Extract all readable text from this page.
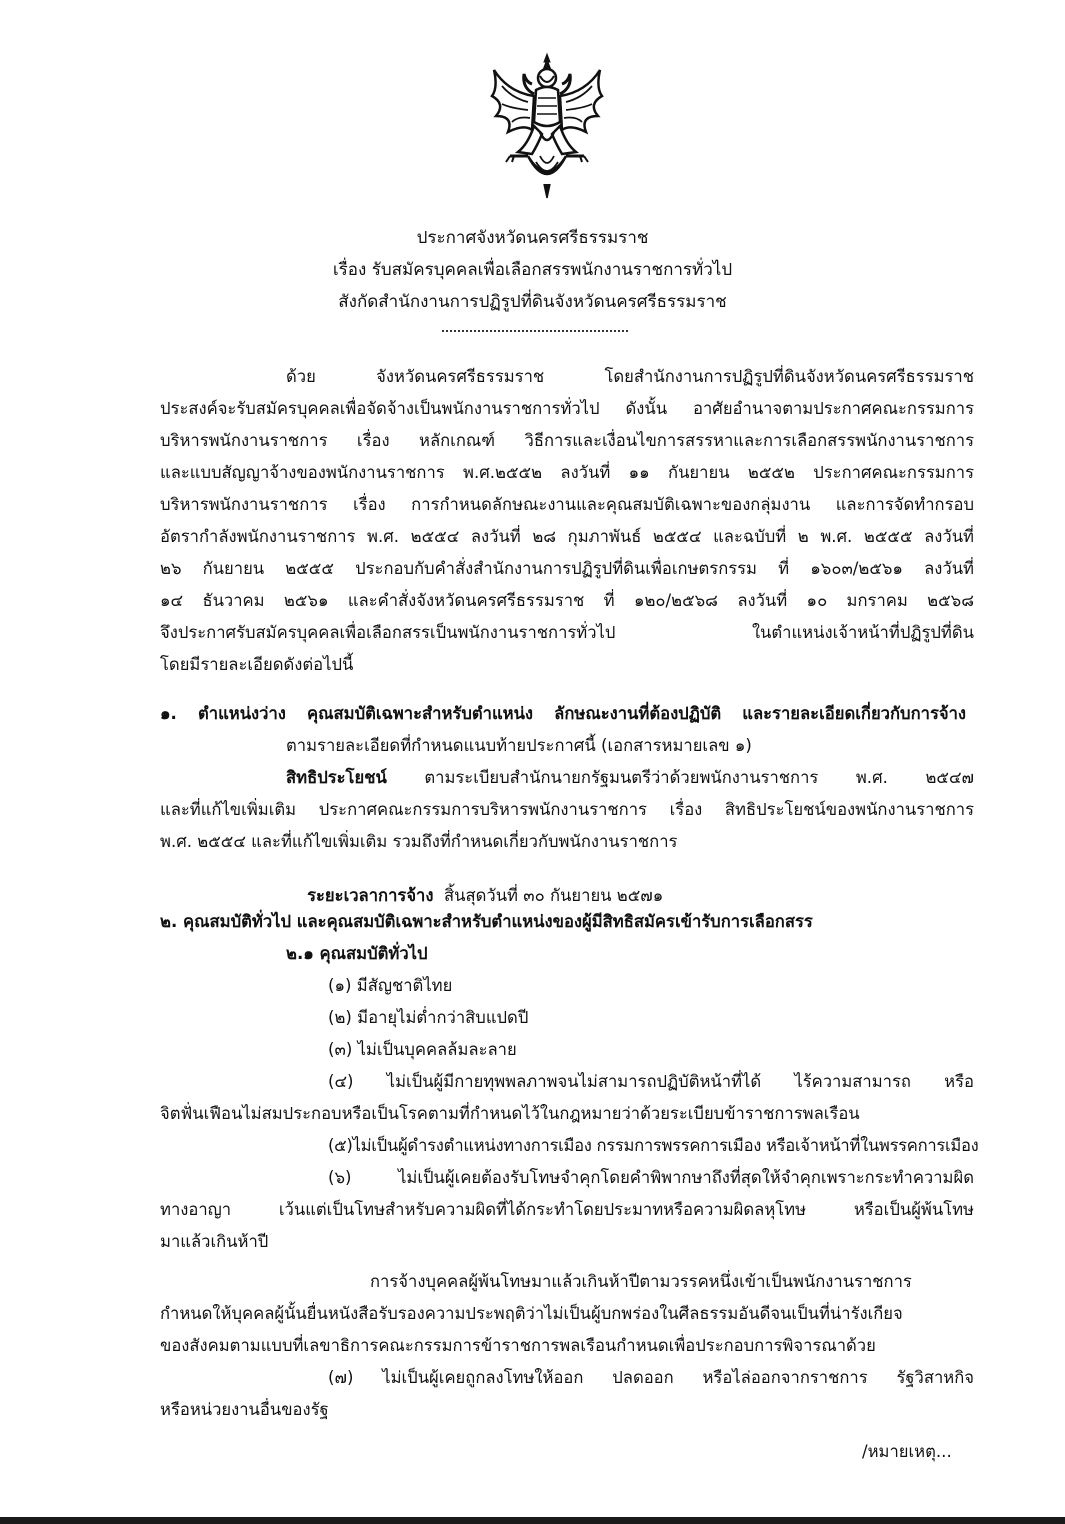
ประกาศจังหวัดนครศรีธรรมราช
เรื่อง รับสมัครบุคคลเพื่อเลือกสรรพนักงานราชการทั่วไป
สังกัดสำนักงานการปฏิรูปที่ดินจังหวัดนครศรีธรรมราช
ด้วย จังหวัดนครศรีธรรมราช โดยสำนักงานการปฏิรูปที่ดินจังหวัดนครศรีธรรมราช
ประสงค์จะรับสมัครบุคคลเพื่อจัดจ้างเป็นพนักงานราชการทั่วไป ดังนั้น อาศัยอำนาจตามประกาศคณะกรรมการ
บริหารพนักงานราชการ เรื่อง หลักเกณฑ์ วิธีการและเงื่อนไขการสรรหาและการเลือกสรรพนักงานราชการ
และแบบสัญญาจ้างของพนักงานราชการ พ.ศ.๒๕๕๒ ลงวันที่ ๑๑ กันยายน ๒๕๕๒ ประกาศคณะกรรมการ
บริหารพนักงานราชการ เรื่อง การกำหนดลักษณะงานและคุณสมบัติเฉพาะของกลุ่มงาน และการจัดทำกรอบ
อัตรากำลังพนักงานราชการ พ.ศ. ๒๕๕๔ ลงวันที่ ๒๘ กุมภาพันธ์ ๒๕๕๔ และฉบับที่ ๒ พ.ศ. ๒๕๕๕ ลงวันที่
๒๖ กันยายน ๒๕๕๕ ประกอบกับคำสั่งสำนักงานการปฏิรูปที่ดินเพื่อเกษตรกรรม ที่ ๑๖๐๓/๒๕๖๑ ลงวันที่
๑๔ ธันวาคม ๒๕๖๑ และคำสั่งจังหวัดนครศรีธรรมราช ที่ ๑๒๐/๒๕๖๘ ลงวันที่ ๑๐ มกราคม ๒๕๖๘
จึงประกาศรับสมัครบุคคลเพื่อเลือกสรรเป็นพนักงานราชการทั่วไป ในตำแหน่งเจ้าหน้าที่ปฏิรูปที่ดิน
โดยมีรายละเอียดดังต่อไปนี้
๑. ตำแหน่งว่าง คุณสมบัติเฉพาะสำหรับตำแหน่ง ลักษณะงานที่ต้องปฏิบัติ และรายละเอียดเกี่ยวกับการจ้าง
ตามรายละเอียดที่กำหนดแนบท้ายประกาศนี้ (เอกสารหมายเลข ๑)
สิทธิประโยชน์ ตามระเบียบสำนักนายกรัฐมนตรีว่าด้วยพนักงานราชการ พ.ศ. ๒๕๔๗
และที่แก้ไขเพิ่มเติม ประกาศคณะกรรมการบริหารพนักงานราชการ เรื่อง สิทธิประโยชน์ของพนักงานราชการ
พ.ศ. ๒๕๕๔ และที่แก้ไขเพิ่มเติม รวมถึงที่กำหนดเกี่ยวกับพนักงานราชการ

ระยะเวลาการจ้าง  สิ้นสุดวันที่ ๓๐ กันยายน ๒๕๗๑

๒. คุณสมบัติทั่วไป และคุณสมบัติเฉพาะสำหรับตำแหน่งของผู้มีสิทธิสมัครเข้ารับการเลือกสรร
๒.๑ คุณสมบัติทั่วไป
(๑) มีสัญชาติไทย
(๒) มีอายุไม่ต่ำกว่าสิบแปดปี
(๓) ไม่เป็นบุคคลล้มละลาย
(๔) ไม่เป็นผู้มีกายทุพพลภาพจนไม่สามารถปฏิบัติหน้าที่ได้ ไร้ความสามารถ หรือ
จิตฟั่นเฟือนไม่สมประกอบหรือเป็นโรคตามที่กำหนดไว้ในกฎหมายว่าด้วยระเบียบข้าราชการพลเรือน
(๕)ไม่เป็นผู้ดำรงตำแหน่งทางการเมือง กรรมการพรรคการเมือง หรือเจ้าหน้าที่ในพรรคการเมือง
(๖) ไม่เป็นผู้เคยต้องรับโทษจำคุกโดยคำพิพากษาถึงที่สุดให้จำคุกเพราะกระทำความผิด
ทางอาญา เว้นแต่เป็นโทษสำหรับความผิดที่ได้กระทำโดยประมาทหรือความผิดลหุโทษ หรือเป็นผู้พ้นโทษ
มาแล้วเกินห้าปี
การจ้างบุคคลผู้พ้นโทษมาแล้วเกินห้าปีตามวรรคหนึ่งเข้าเป็นพนักงานราชการ
กำหนดให้บุคคลผู้นั้นยื่นหนังสือรับรองความประพฤติว่าไม่เป็นผู้บกพร่องในศีลธรรมอันดีจนเป็นที่น่ารังเกียจ
ของสังคมตามแบบที่เลขาธิการคณะกรรมการข้าราชการพลเรือนกำหนดเพื่อประกอบการพิจารณาด้วย
(๗) ไม่เป็นผู้เคยถูกลงโทษให้ออก ปลดออก หรือไล่ออกจากราชการ รัฐวิสาหกิจ
หรือหน่วยงานอื่นของรัฐ
/หมายเหตุ...
